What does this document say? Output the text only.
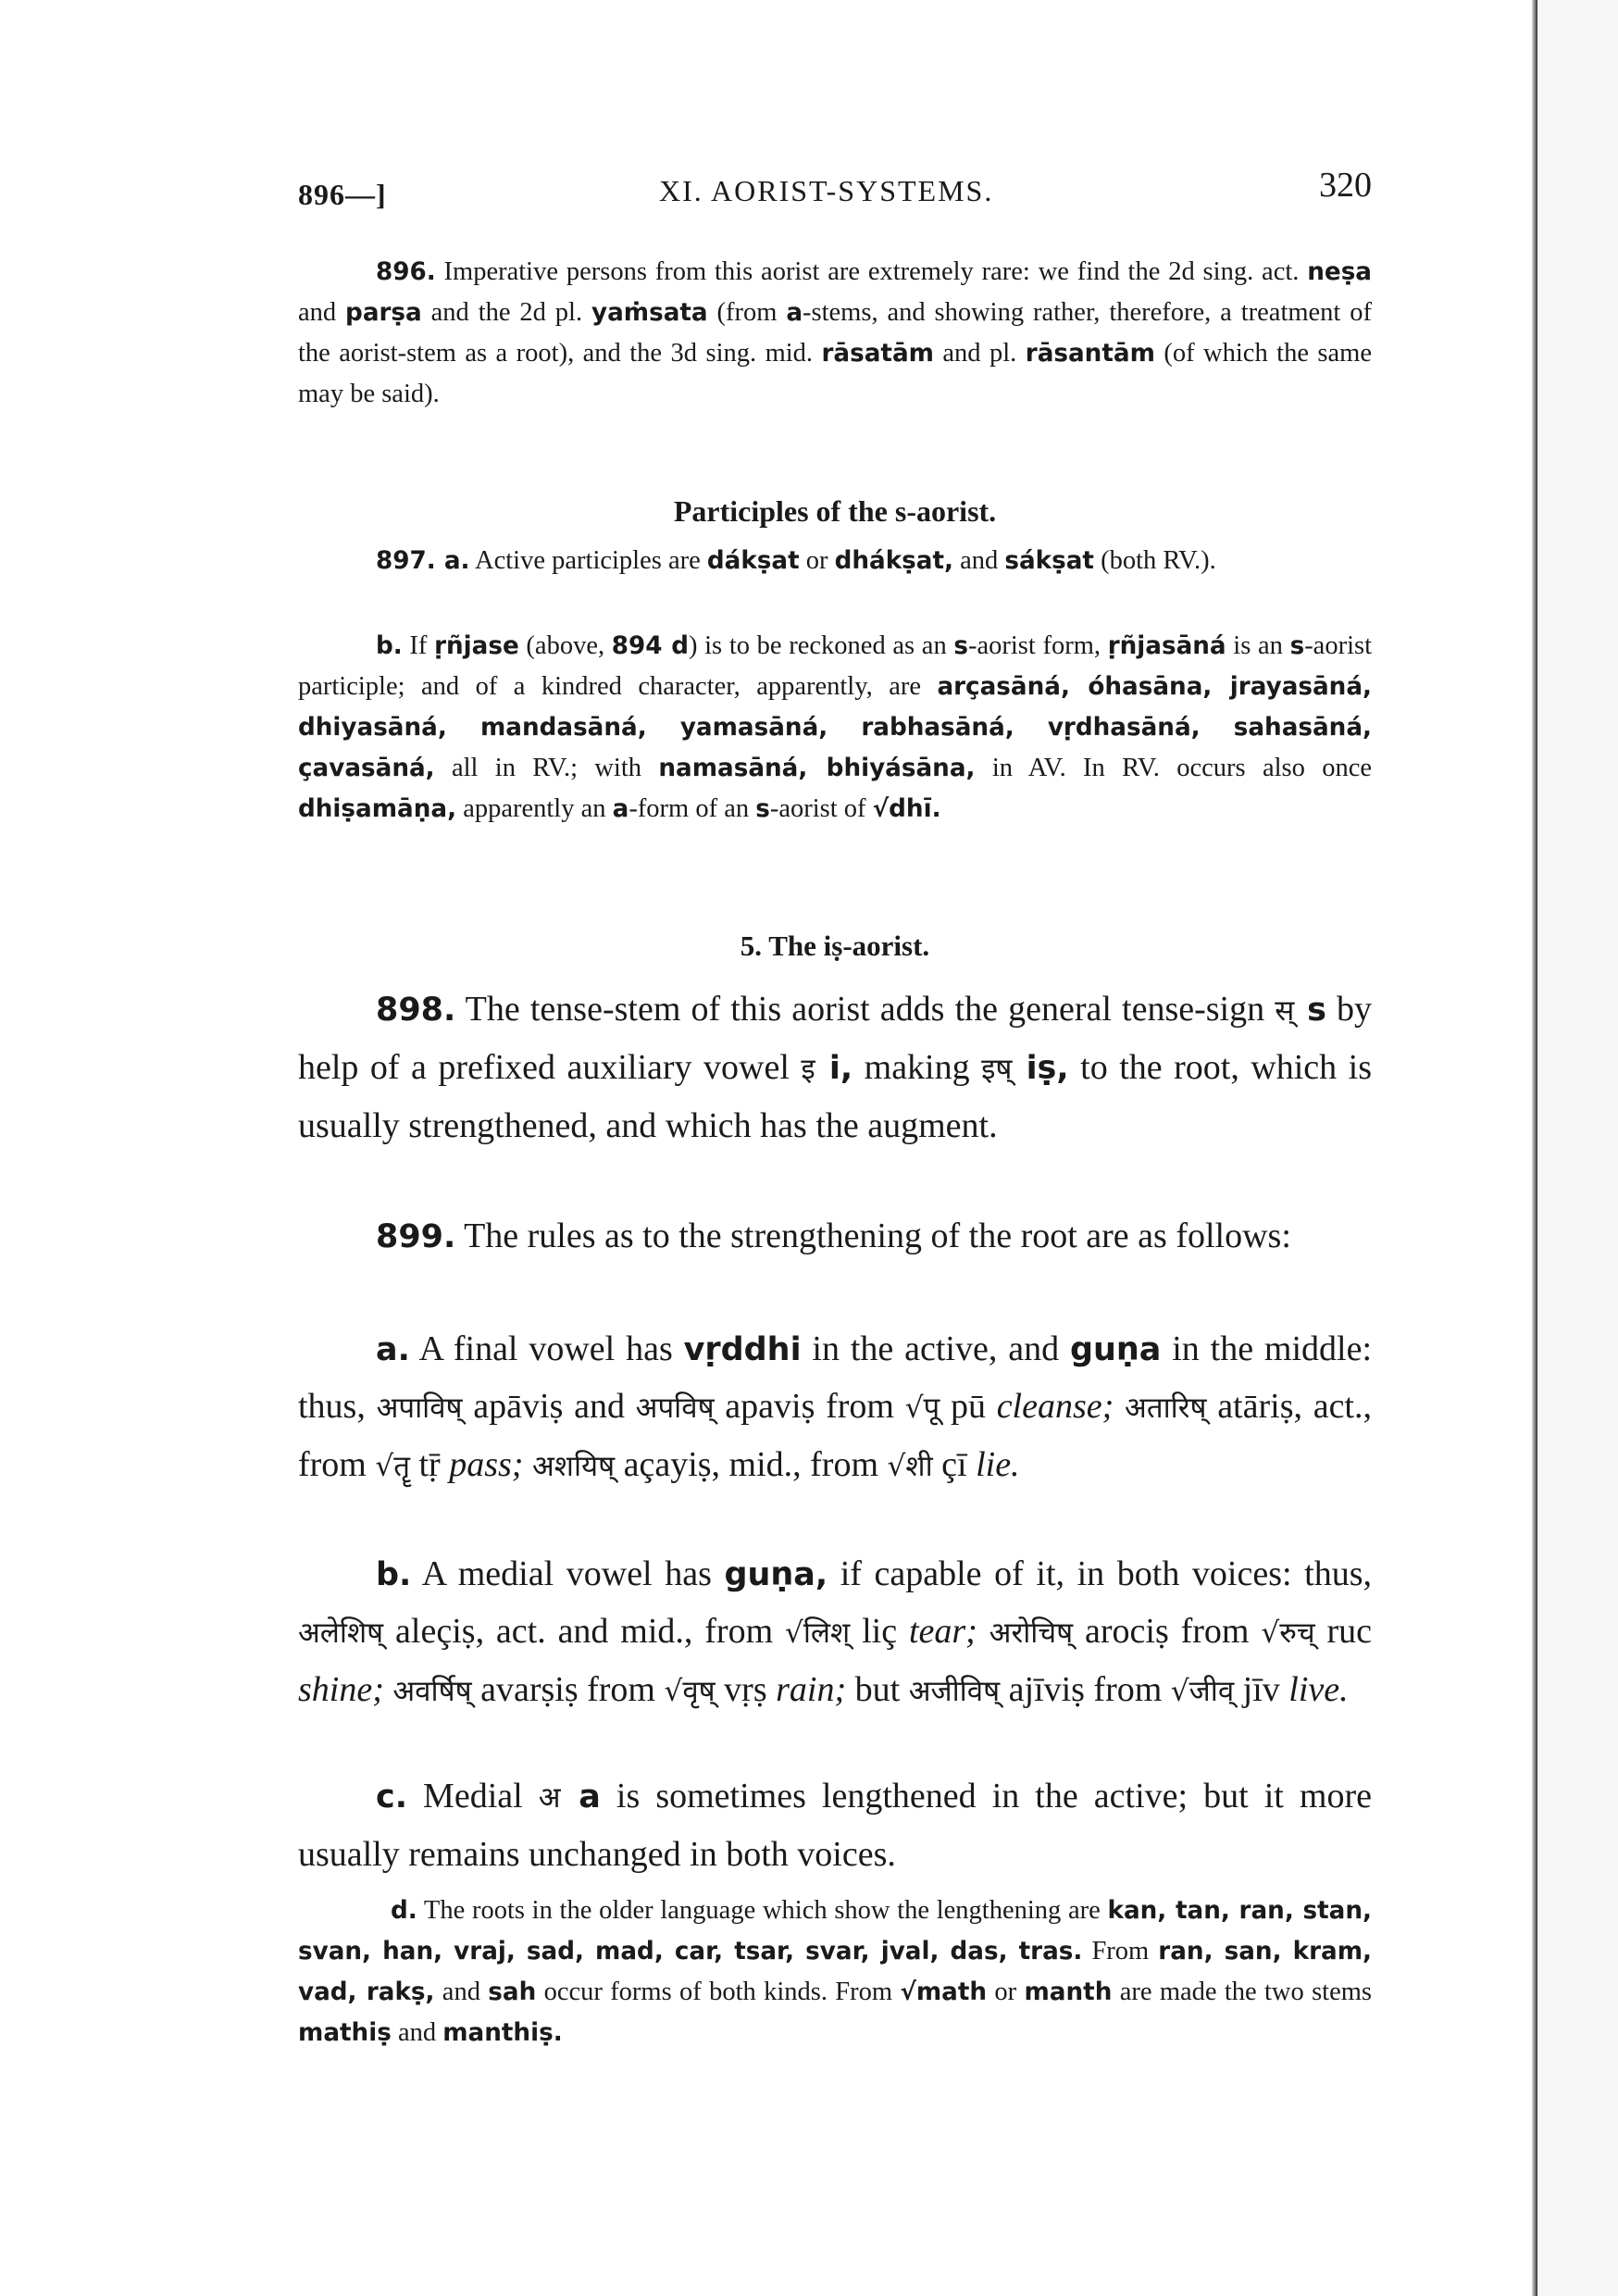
896—]	XI. AORIST-SYSTEMS.	320

896. Imperative persons from this aorist are extremely rare: we find the 2d sing. act. neṣa and parṣa and the 2d pl. yaṁsata (from a-stems, and showing rather, therefore, a treatment of the aorist-stem as a root), and the 3d sing. mid. rāsatām and pl. rāsantām (of which the same may be said).

Participles of the s-aorist.

897. a. Active participles are dákṣat or dhákṣat, and sákṣat (both RV.).

b. If ṛñjase (above, 894 d) is to be reckoned as an s-aorist form, ṛñjasāná is an s-aorist participle; and of a kindred character, apparently, are arçasāná, óhasāna, jrayasāná, dhiyasāná, mandasāná, yamasāná, rabhasāná, vṛdhasāná, sahasāná, çavasāná, all in RV.; with namasāná, bhiyásāna, in AV. In RV. occurs also once dhiṣamāṇa, apparently an a-form of an s-aorist of √dhī.

5. The iṣ-aorist.

898. The tense-stem of this aorist adds the general tense-sign स् s by help of a prefixed auxiliary vowel इ i, making इष् iṣ, to the root, which is usually strengthened, and which has the augment.

899. The rules as to the strengthening of the root are as follows:

a. A final vowel has vṛddhi in the active, and guṇa in the middle: thus, अपाविष् apāviṣ and अपविष् apaviṣ from √पू pū cleanse; अतारिष् atāriṣ, act., from √तॄ tṝ pass; अशयिष् açayiṣ, mid., from √शी çī lie.

b. A medial vowel has guṇa, if capable of it, in both voices: thus, अलेशिष् aleçiṣ, act. and mid., from √लिश् liç tear; अरोचिष् arociṣ from √रुच् ruc shine; अवर्षिष् avarṣiṣ from √वृष् vṛṣ rain; but अजीविष् ajīviṣ from √जीव् jīv live.

c. Medial अ a is sometimes lengthened in the active; but it more usually remains unchanged in both voices.

d. The roots in the older language which show the lengthening are kan, tan, ran, stan, svan, han, vraj, sad, mad, car, tsar, svar, jval, das, tras. From ran, san, kram, vad, rakṣ, and sah occur forms of both kinds. From √math or manth are made the two stems mathiṣ and manthiṣ.
